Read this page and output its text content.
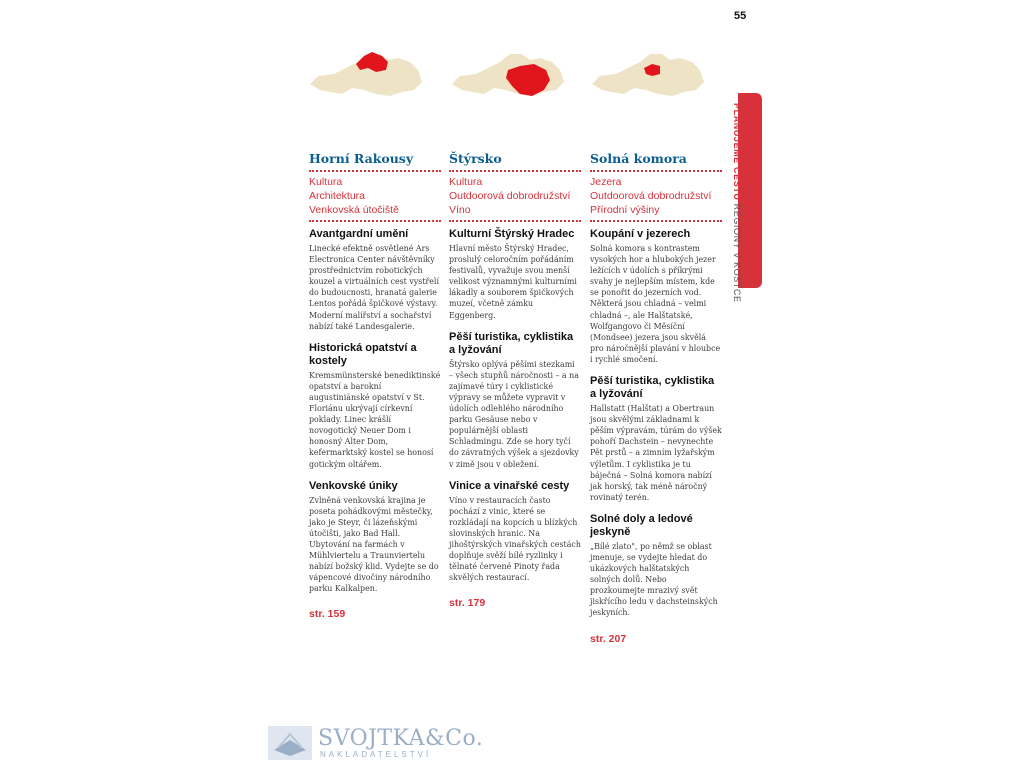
55
Horní Rakousy
Kultura
Architektura
Venkovská útočiště
Avantgardní umění

Linecké efektně osvětlené Ars Electronica Center návštěvníky prostřednictvím robotických kouzel a virtuálních cest vystřelí do budoucnosti, hranatá galerie Lentos pořádá špičkové výstavy. Moderní malířství a sochařství nabízí také Landesgalerie.

Historická opatství a kostely

Kremsmünsterské benediktinské opatství a barokní augustiniánské opatství v St. Floriánu ukrývají církevní poklady. Linec krášlí novogotický Neuer Dom i honosný Alter Dom, kefermarktský kostel se honosí gotickým oltářem.

Venkovské úniky

Zvlněná venkovská krajina je poseta pohádkovými městečky, jako je Steyr, či lázeňskými útočišti, jako Bad Hall. Ubytování na farmách v Mühlviertelu a Traunviertelu nabízí božský klid. Vydejte se do vápencové divočiny národního parku Kalkalpen.

str. 159
Štýrsko
Kultura
Outdoorová dobrodružství
Víno
Kulturní Štýrský Hradec

Hlavní město Štýrský Hradec, proslulý celoročním pořádáním festivalů, vyvažuje svou menší velikost významnými kulturními lákadly a souborem špičkových muzeí, včetně zámku Eggenberg.

Pěší turistika, cyklistika a lyžování

Štýrsko oplývá pěšími stezkami – všech stupňů náročnosti – a na zajímavé túry i cyklistické výpravy se můžete vypravit v údolích odlehlého národního parku Gesäuse nebo v populárnější oblasti Schladmingu. Zde se hory tyčí do závratných výšek a sjezdovky v zimě jsou v obležení.

Vinice a vinařské cesty

Víno v restauracích často pochází z vinic, které se rozkládají na kopcích u blízkých slovinských hranic. Na jihoštýrských vinařských cestách doplňuje svěží bílé ryzlinky i tělnaté červené Pinoty řada skvělých restaurací.

str. 179
Solná komora
Jezera
Outdoorová dobrodružství
Přírodní výšiny
Koupání v jezerech

Solná komora s kontrastem vysokých hor a hlubokých jezer ležících v údolích s příkrými svahy je nejlepším místem, kde se ponořit do jezerních vod. Některá jsou chladná – velmi chladná –, ale Halštatské, Wolfgangovo či Měsíční (Mondsee) jezera jsou skvělá pro náročnější plavání v hloubce i rychlé smočení.

Pěší turistika, cyklistika a lyžování

Hallstatt (Halštat) a Obertraun jsou skvělými základnami k pěším výpravám, túrám do výšek pohoří Dachstein – nevynechte Pět prstů – a zimním lyžařským výletům. I cyklistika je tu báječná – Solná komora nabízí jak horský, tak méně náročný rovinatý terén.

Solné doly a ledové jeskyně

„Bílé zlato", po němž se oblast jmenuje, se vydejte hledat do ukázkových halštatských solných dolů. Nebo prozkoumejte mrazivý svět jiskřícího ledu v dachsteinských jeskyních.

str. 207
PLÁNUJEME CESTU REGIONY V KOSTCE
SVOJTKA&Co.
NAKLADATELSTVÍ
